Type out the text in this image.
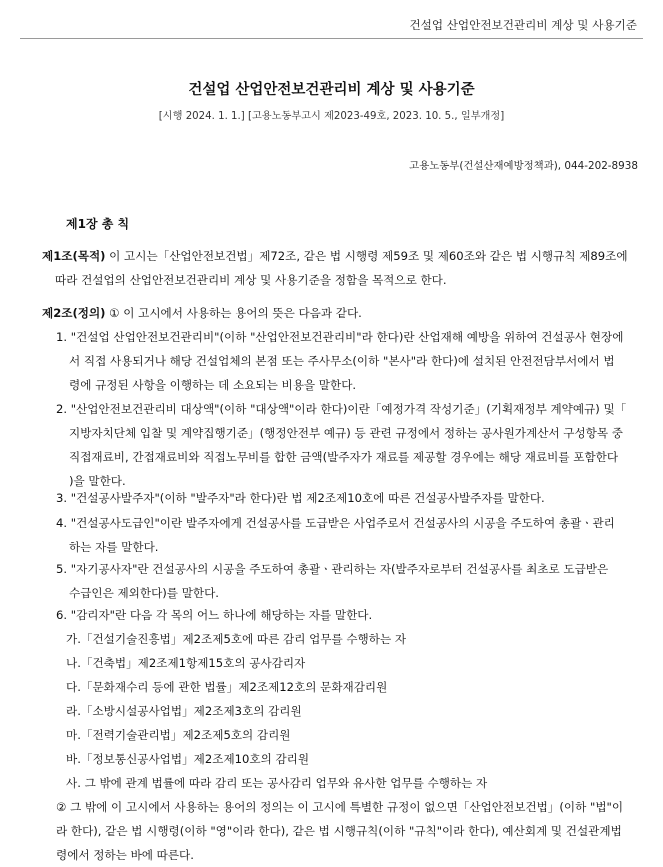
건설업 산업안전보건관리비 계상 및 사용기준
건설업 산업안전보건관리비 계상 및 사용기준
[시행 2024. 1. 1.] [고용노동부고시 제2023-49호, 2023. 10. 5., 일부개정]
고용노동부(건설산재예방정책과), 044-202-8938
제1장 총 칙
제1조(목적) 이 고시는「산업안전보건법」제72조, 같은 법 시행령 제59조 및 제60조와 같은 법 시행규칙 제89조에
따라 건설업의 산업안전보건관리비 계상 및 사용기준을 정함을 목적으로 한다.
제2조(정의) ① 이 고시에서 사용하는 용어의 뜻은 다음과 같다.
1. "건설업 산업안전보건관리비"(이하 "산업안전보건관리비"라 한다)란 산업재해 예방을 위하여 건설공사 현장에
서 직접 사용되거나 해당 건설업체의 본점 또는 주사무소(이하 "본사"라 한다)에 설치된 안전전담부서에서 법
령에 규정된 사항을 이행하는 데 소요되는 비용을 말한다.
2. "산업안전보건관리비 대상액"(이하 "대상액"이라 한다)이란「예정가격 작성기준」(기획재정부 계약예규) 및「
지방자치단체 입찰 및 계약집행기준」(행정안전부 예규) 등 관련 규정에서 정하는 공사원가계산서 구성항목 중
직접재료비, 간접재료비와 직접노무비를 합한 금액(발주자가 재료를 제공할 경우에는 해당 재료비를 포함한다
)을 말한다.
3. "건설공사발주자"(이하 "발주자"라 한다)란 법 제2조제10호에 따른 건설공사발주자를 말한다.
4. "건설공사도급인"이란 발주자에게 건설공사를 도급받은 사업주로서 건설공사의 시공을 주도하여 총괄ㆍ관리
하는 자를 말한다.
5. "자기공사자"란 건설공사의 시공을 주도하여 총괄ㆍ관리하는 자(발주자로부터 건설공사를 최초로 도급받은
수급인은 제외한다)를 말한다.
6. "감리자"란 다음 각 목의 어느 하나에 해당하는 자를 말한다.
가.「건설기술진흥법」제2조제5호에 따른 감리 업무를 수행하는 자
나.「건축법」제2조제1항제15호의 공사감리자
다.「문화재수리 등에 관한 법률」제2조제12호의 문화재감리원
라.「소방시설공사업법」제2조제3호의 감리원
마.「전력기술관리법」제2조제5호의 감리원
바.「정보통신공사업법」제2조제10호의 감리원
사. 그 밖에 관계 법률에 따라 감리 또는 공사감리 업무와 유사한 업무를 수행하는 자
② 그 밖에 이 고시에서 사용하는 용어의 정의는 이 고시에 특별한 규정이 없으면「산업안전보건법」(이하 "법"이
라 한다), 같은 법 시행령(이하 "영"이라 한다), 같은 법 시행규칙(이하 "규칙"이라 한다), 예산회계 및 건설관계법
령에서 정하는 바에 따른다.
